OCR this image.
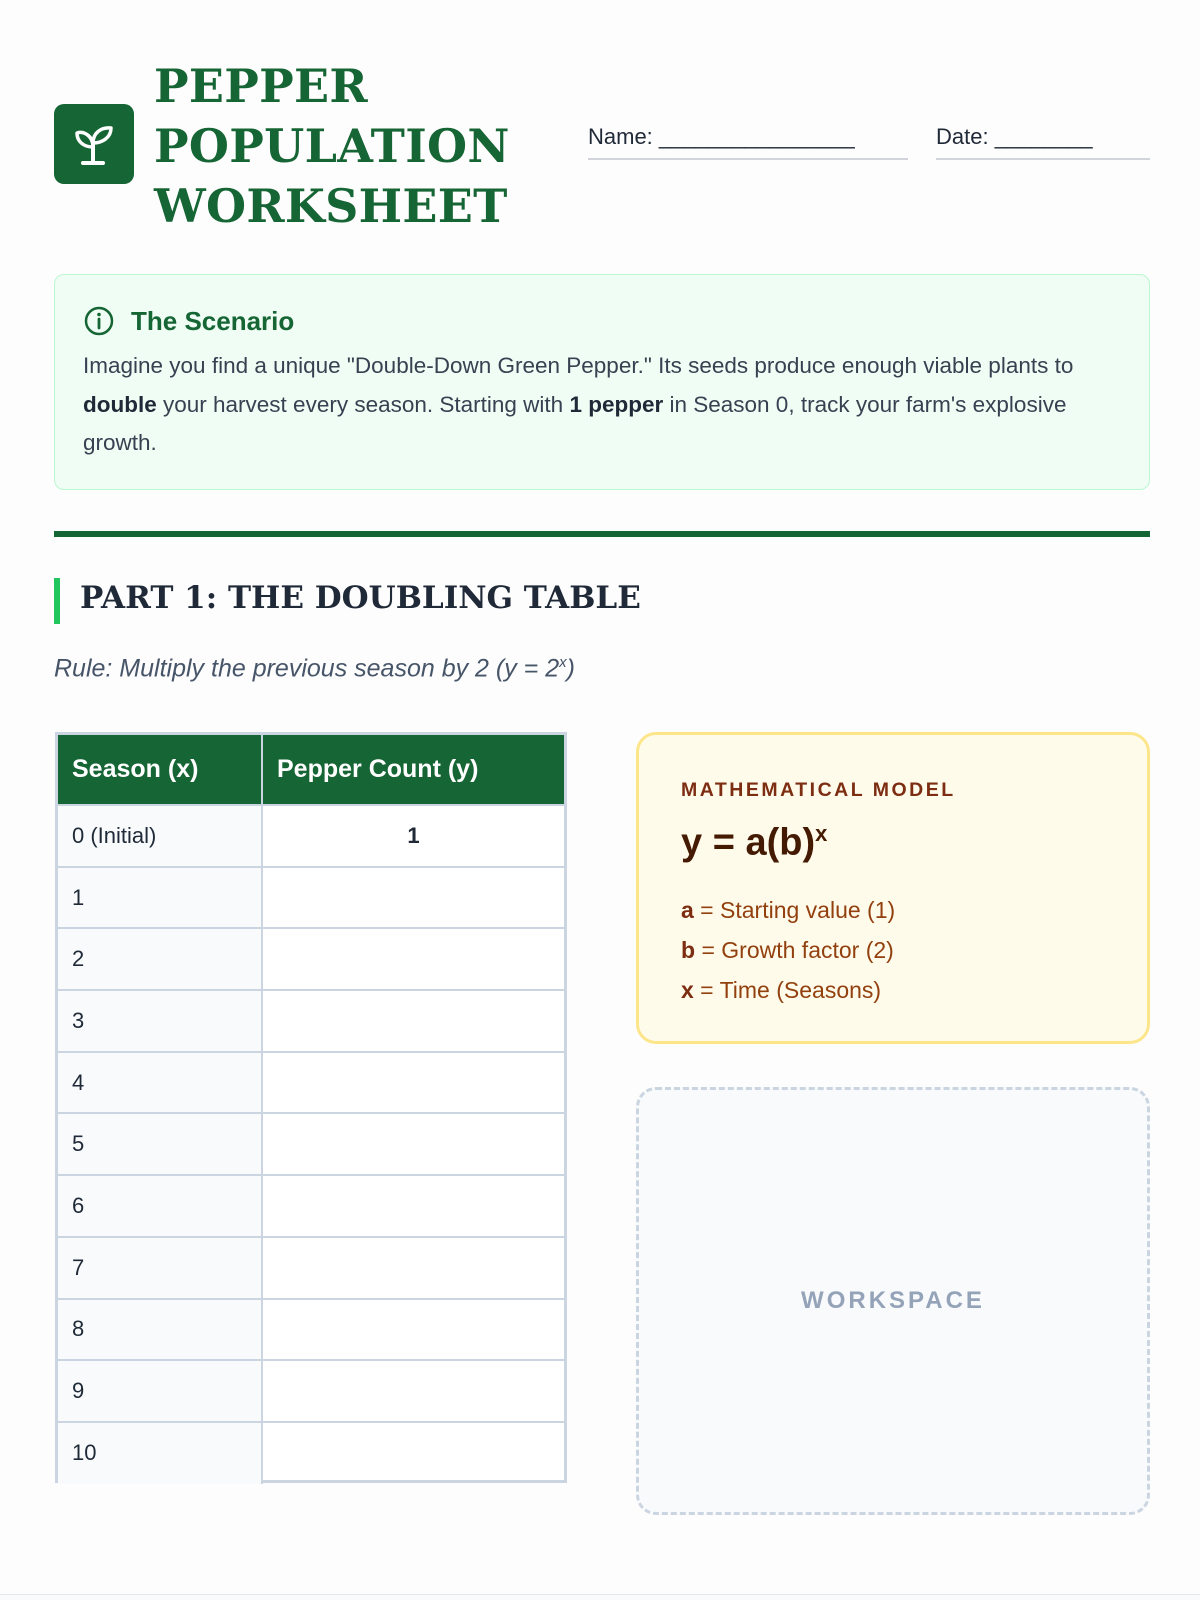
PEPPER
POPULATION
WORKSHEET
Name: ________________	Date: ________
The Scenario

Imagine you find a unique "Double-Down Green Pepper." Its seeds produce enough viable plants to double your harvest every season. Starting with 1 pepper in Season 0, track your farm's explosive growth.

PART 1: THE DOUBLING TABLE

Rule: Multiply the previous season by 2 $(y = 2^x)$

Season (x)	Pepper Count (y)
0 (Initial)	1
1	
2	
3	
4	
5	
6	
7	
8	
9	
10	
MATHEMATICAL MODEL
$y = a(b)^x$
a = Starting value (1)
b = Growth factor (2)
x = Time (Seasons)
WORKSPACE
